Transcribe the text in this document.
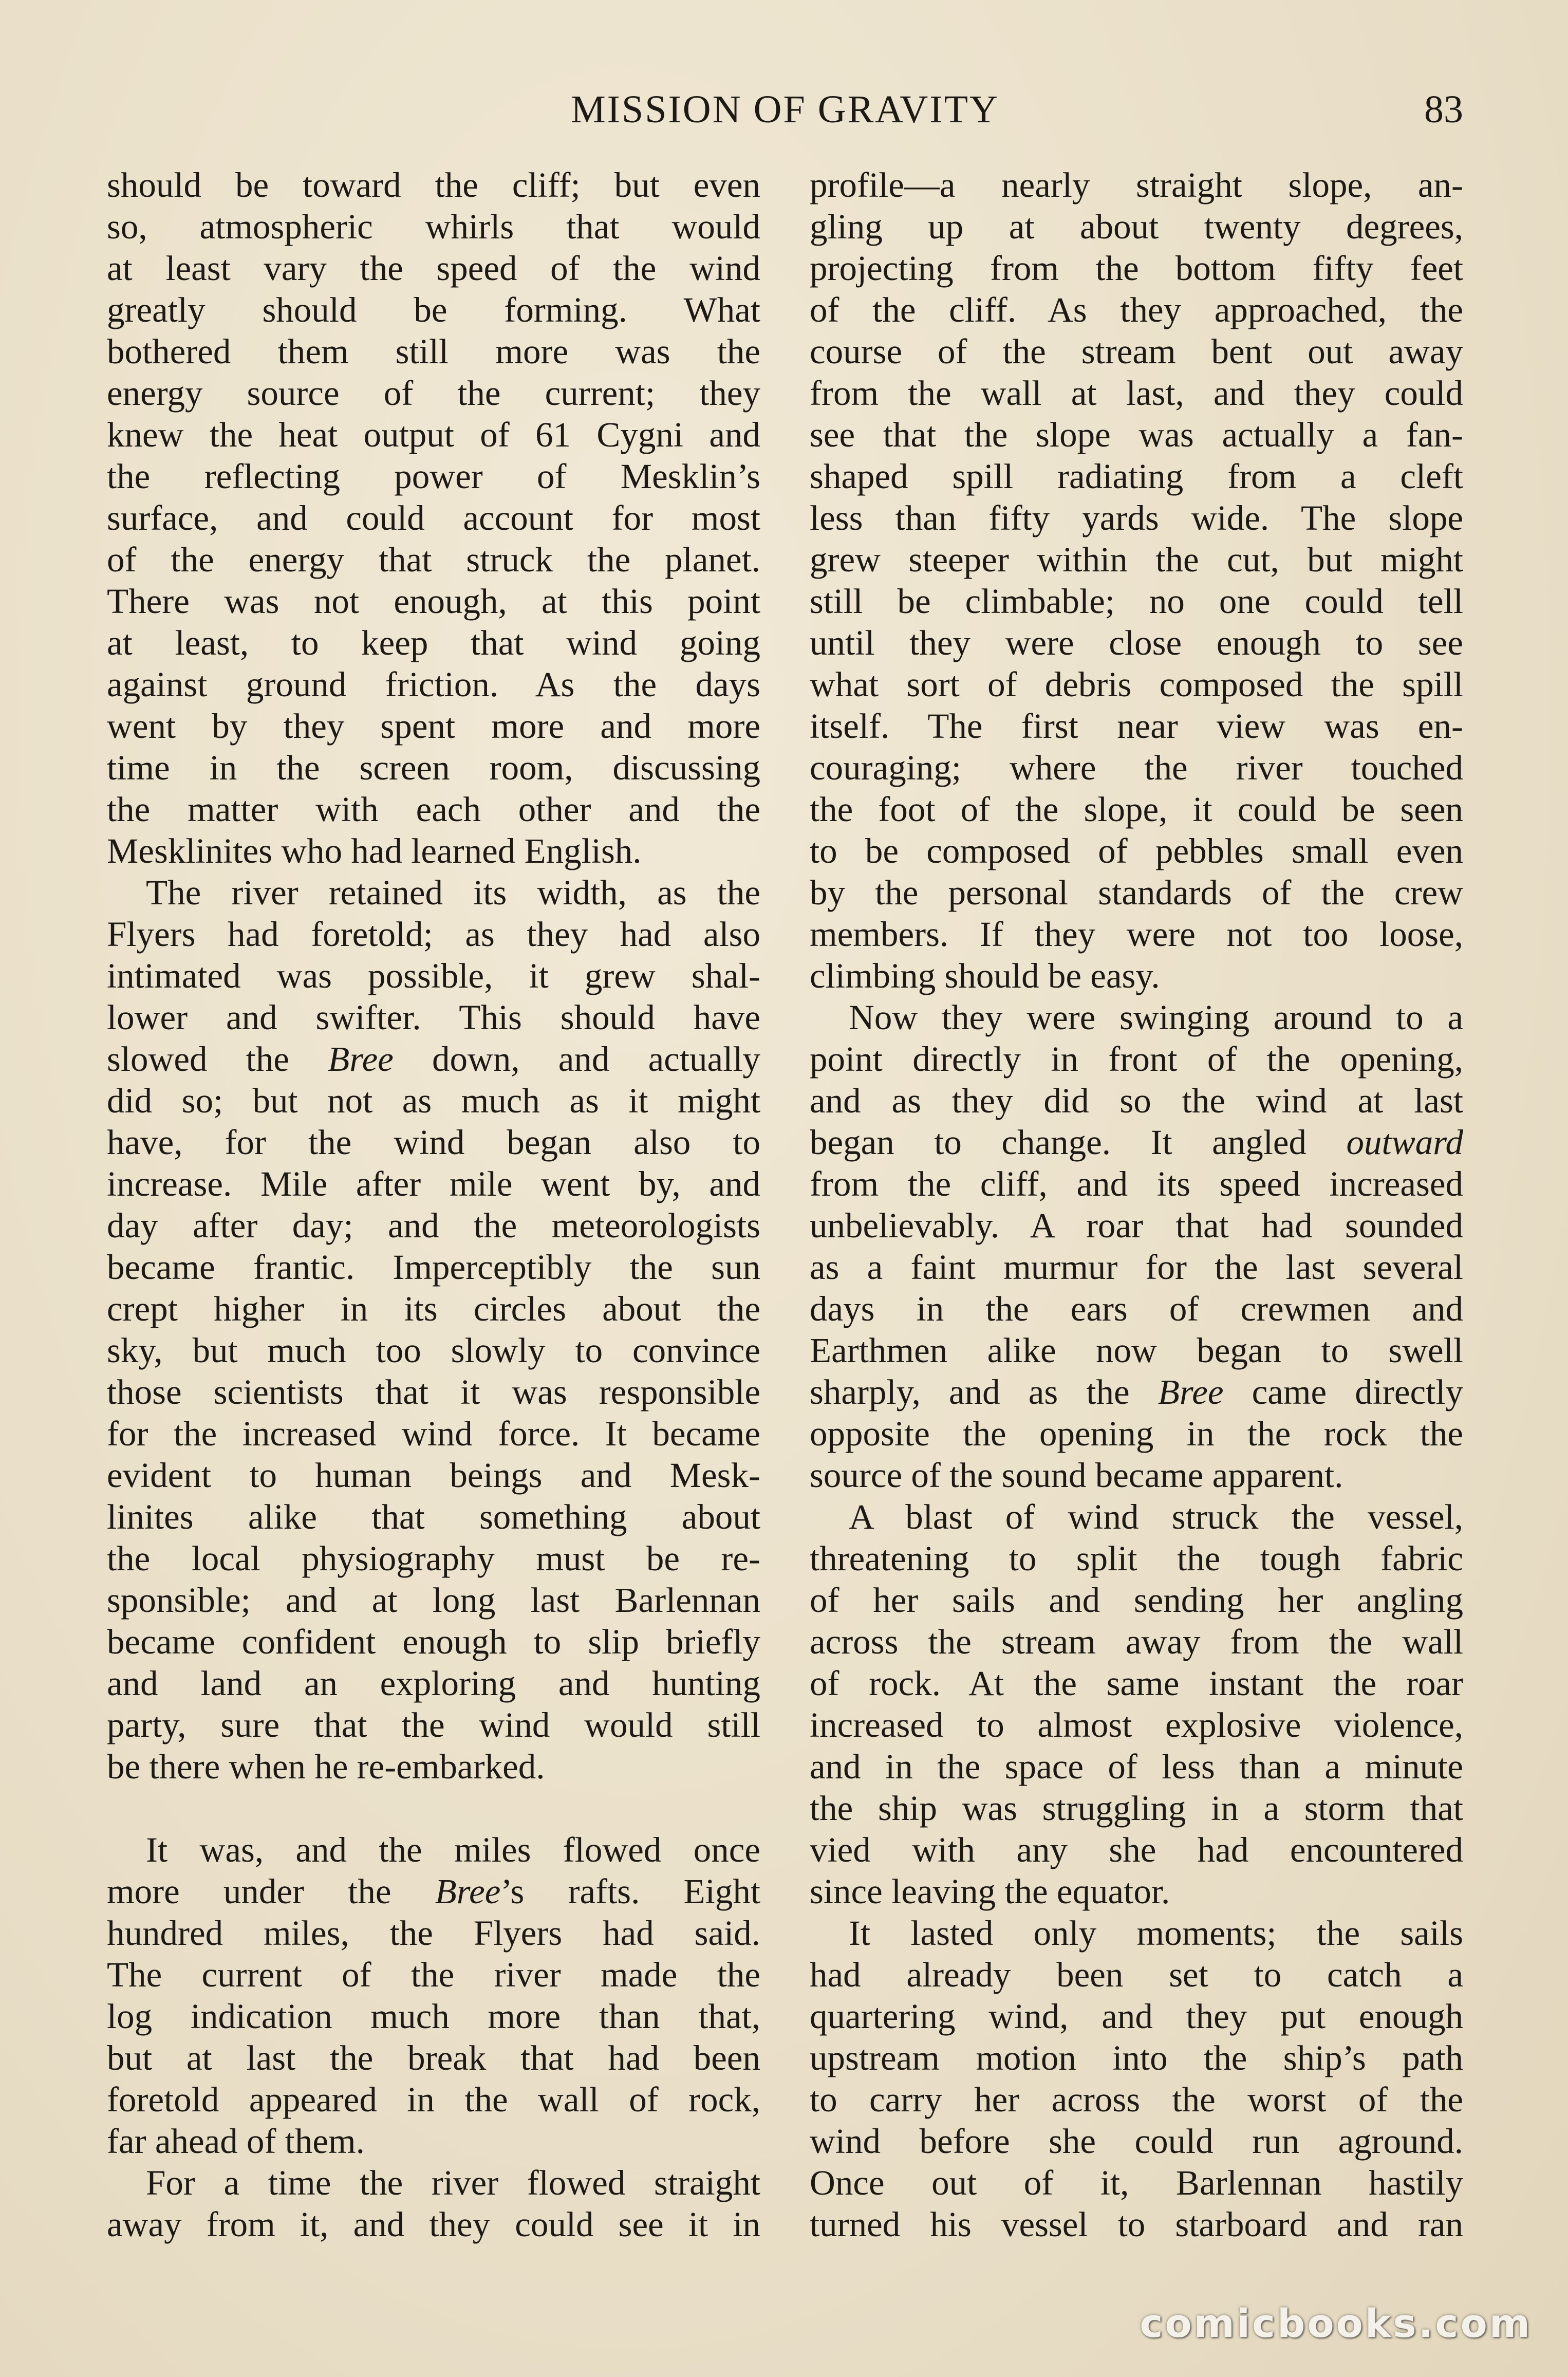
MISSION OF GRAVITY	83
should be toward the cliff; but even
so, atmospheric whirls that would
at least vary the speed of the wind
greatly should be forming. What
bothered them still more was the
energy source of the current; they
knew the heat output of 61 Cygni and
the reflecting power of Mesklin’s
surface, and could account for most
of the energy that struck the planet.
There was not enough, at this point
at least, to keep that wind going
against ground friction. As the days
went by they spent more and more
time in the screen room, discussing
the matter with each other and the
Mesklinites who had learned English.
The river retained its width, as the
Flyers had foretold; as they had also
intimated was possible, it grew shal-
lower and swifter. This should have
slowed the Bree down, and actually
did so; but not as much as it might
have, for the wind began also to
increase. Mile after mile went by, and
day after day; and the meteorologists
became frantic. Imperceptibly the sun
crept higher in its circles about the
sky, but much too slowly to convince
those scientists that it was responsible
for the increased wind force. It became
evident to human beings and Mesk-
linites alike that something about
the local physiography must be re-
sponsible; and at long last Barlennan
became confident enough to slip briefly
and land an exploring and hunting
party, sure that the wind would still
be there when he re-embarked.
It was, and the miles flowed once
more under the Bree’s rafts. Eight
hundred miles, the Flyers had said.
The current of the river made the
log indication much more than that,
but at last the break that had been
foretold appeared in the wall of rock,
far ahead of them.
For a time the river flowed straight
away from it, and they could see it in
profile—a nearly straight slope, an-
gling up at about twenty degrees,
projecting from the bottom fifty feet
of the cliff. As they approached, the
course of the stream bent out away
from the wall at last, and they could
see that the slope was actually a fan-
shaped spill radiating from a cleft
less than fifty yards wide. The slope
grew steeper within the cut, but might
still be climbable; no one could tell
until they were close enough to see
what sort of debris composed the spill
itself. The first near view was en-
couraging; where the river touched
the foot of the slope, it could be seen
to be composed of pebbles small even
by the personal standards of the crew
members. If they were not too loose,
climbing should be easy.
Now they were swinging around to a
point directly in front of the opening,
and as they did so the wind at last
began to change. It angled outward
from the cliff, and its speed increased
unbelievably. A roar that had sounded
as a faint murmur for the last several
days in the ears of crewmen and
Earthmen alike now began to swell
sharply, and as the Bree came directly
opposite the opening in the rock the
source of the sound became apparent.
A blast of wind struck the vessel,
threatening to split the tough fabric
of her sails and sending her angling
across the stream away from the wall
of rock. At the same instant the roar
increased to almost explosive violence,
and in the space of less than a minute
the ship was struggling in a storm that
vied with any she had encountered
since leaving the equator.
It lasted only moments; the sails
had already been set to catch a
quartering wind, and they put enough
upstream motion into the ship’s path
to carry her across the worst of the
wind before she could run aground.
Once out of it, Barlennan hastily
turned his vessel to starboard and ran
comicbooks.com
